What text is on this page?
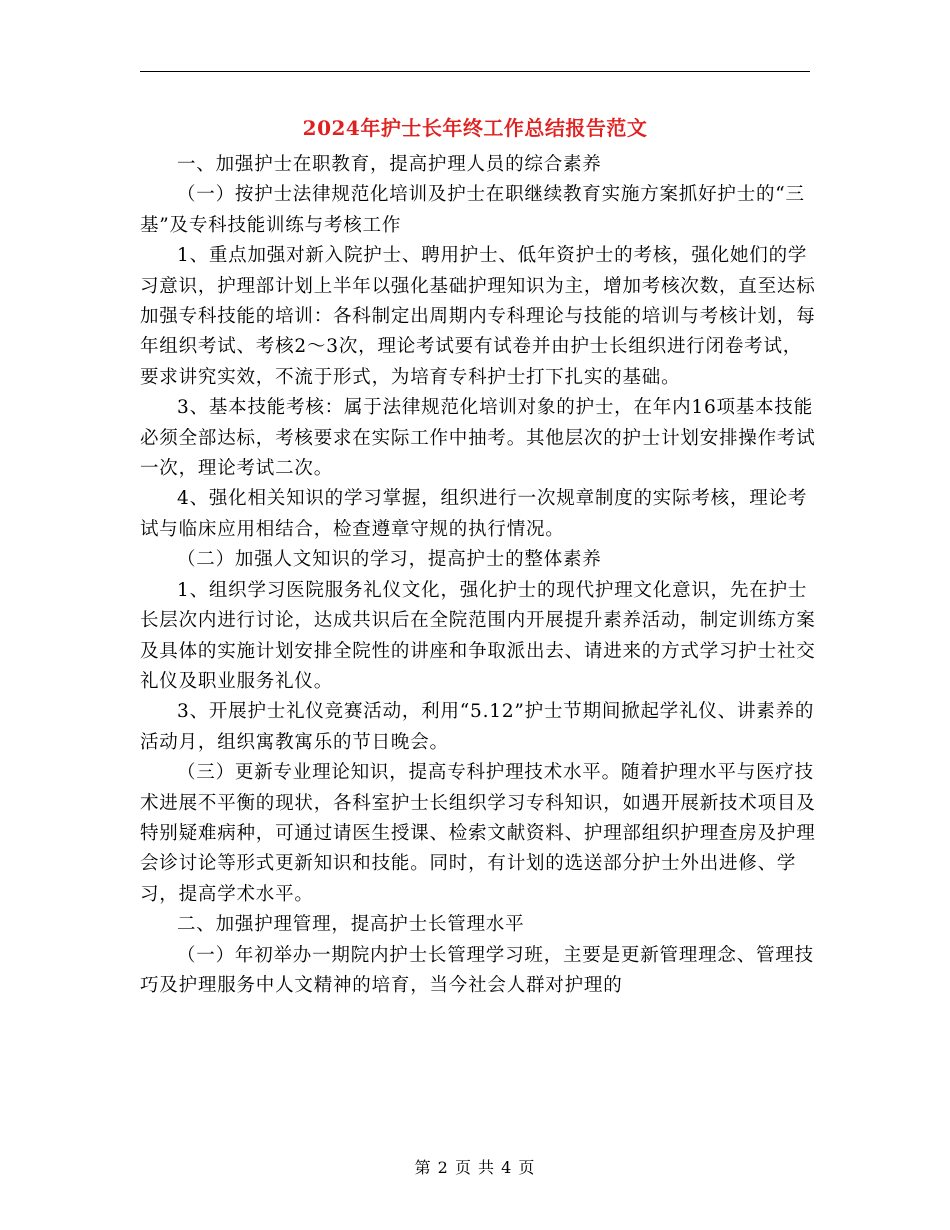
2024年护士长年终工作总结报告范文

一、加强护士在职教育，提高护理人员的综合素养

（一）按护士法律规范化培训及护士在职继续教育实施方案抓好护士的“三基”及专科技能训练与考核工作

1、重点加强对新入院护士、聘用护士、低年资护士的考核，强化她们的学习意识，护理部计划上半年以强化基础护理知识为主，增加考核次数，直至达标加强专科技能的培训：各科制定出周期内专科理论与技能的培训与考核计划，每年组织考试、考核2～3次，理论考试要有试卷并由护士长组织进行闭卷考试，要求讲究实效，不流于形式，为培育专科护士打下扎实的基础。

3、基本技能考核：属于法律规范化培训对象的护士，在年内16项基本技能必须全部达标，考核要求在实际工作中抽考。其他层次的护士计划安排操作考试一次，理论考试二次。

4、强化相关知识的学习掌握，组织进行一次规章制度的实际考核，理论考试与临床应用相结合，检查遵章守规的执行情况。

（二）加强人文知识的学习，提高护士的整体素养

1、组织学习医院服务礼仪文化，强化护士的现代护理文化意识，先在护士长层次内进行讨论，达成共识后在全院范围内开展提升素养活动，制定训练方案及具体的实施计划安排全院性的讲座和争取派出去、请进来的方式学习护士社交礼仪及职业服务礼仪。

3、开展护士礼仪竞赛活动，利用“5.12”护士节期间掀起学礼仪、讲素养的活动月，组织寓教寓乐的节日晚会。

（三）更新专业理论知识，提高专科护理技术水平。随着护理水平与医疗技术进展不平衡的现状，各科室护士长组织学习专科知识，如遇开展新技术项目及特别疑难病种，可通过请医生授课、检索文献资料、护理部组织护理查房及护理会诊讨论等形式更新知识和技能。同时，有计划的选送部分护士外出进修、学习，提高学术水平。

二、加强护理管理，提高护士长管理水平

（一）年初举办一期院内护士长管理学习班，主要是更新管理理念、管理技巧及护理服务中人文精神的培育，当今社会人群对护理的

第 2 页 共 4 页
